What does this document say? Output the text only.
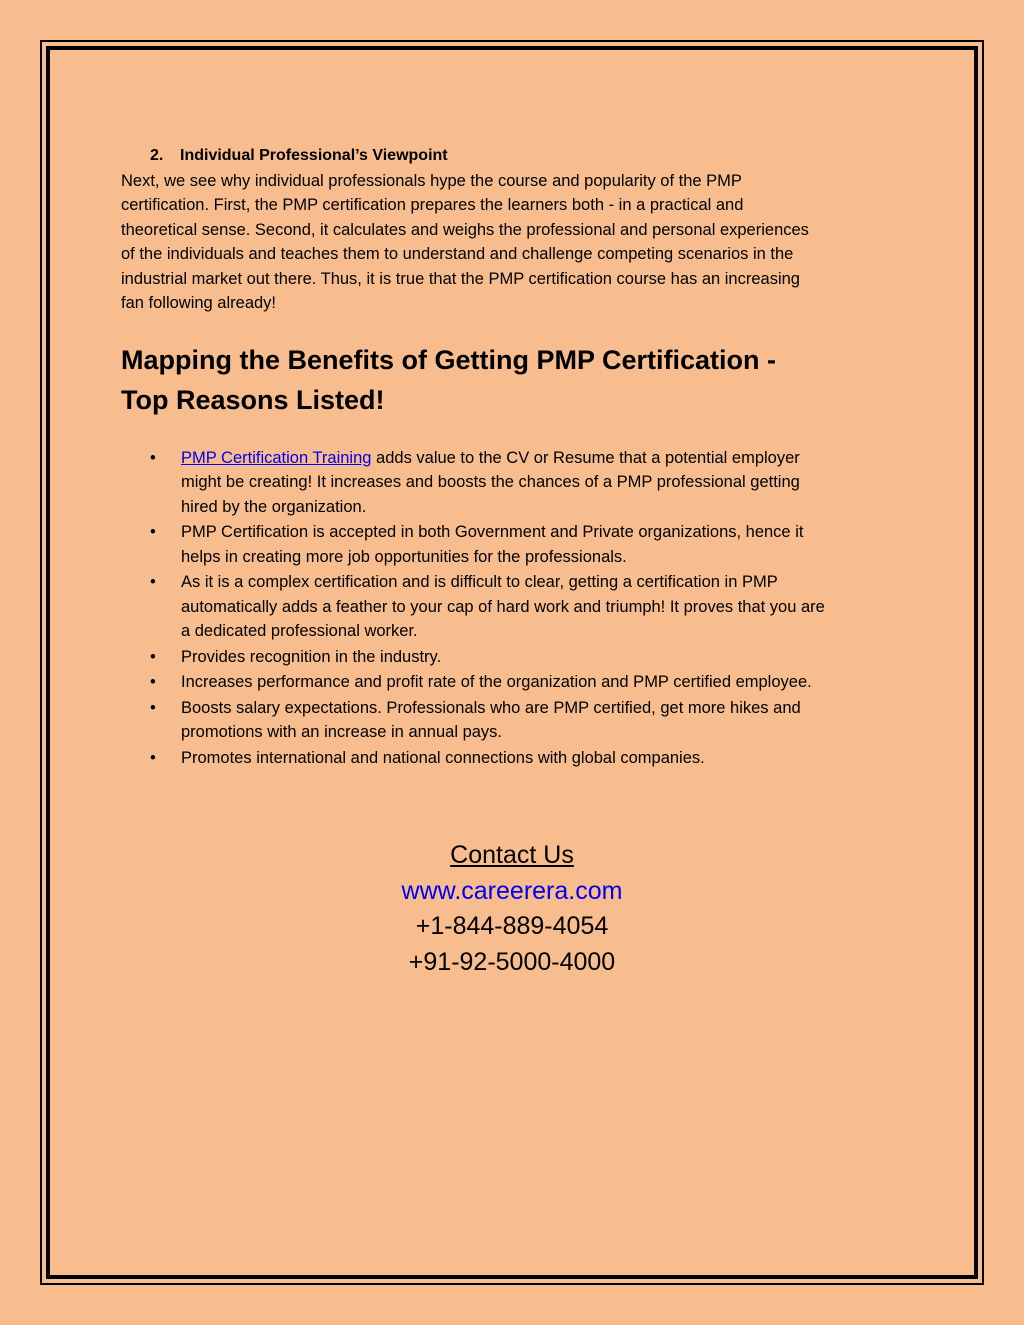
2.	Individual Professional’s Viewpoint

Next, we see why individual professionals hype the course and popularity of the PMP
certification. First, the PMP certification prepares the learners both - in a practical and
theoretical sense. Second, it calculates and weighs the professional and personal experiences
of the individuals and teaches them to understand and challenge competing scenarios in the
industrial market out there. Thus, it is true that the PMP certification course has an increasing
fan following already!

Mapping the Benefits of Getting PMP Certification -
Top Reasons Listed!
• PMP Certification Training adds value to the CV or Resume that a potential employer
might be creating! It increases and boosts the chances of a PMP professional getting
hired by the organization.
• PMP Certification is accepted in both Government and Private organizations, hence it
helps in creating more job opportunities for the professionals.
• As it is a complex certification and is difficult to clear, getting a certification in PMP
automatically adds a feather to your cap of hard work and triumph! It proves that you are
a dedicated professional worker.
• Provides recognition in the industry.
• Increases performance and profit rate of the organization and PMP certified employee.
• Boosts salary expectations. Professionals who are PMP certified, get more hikes and
promotions with an increase in annual pays.
• Promotes international and national connections with global companies.
Contact Us
www.careerera.com
+1-844-889-4054
+91-92-5000-4000
